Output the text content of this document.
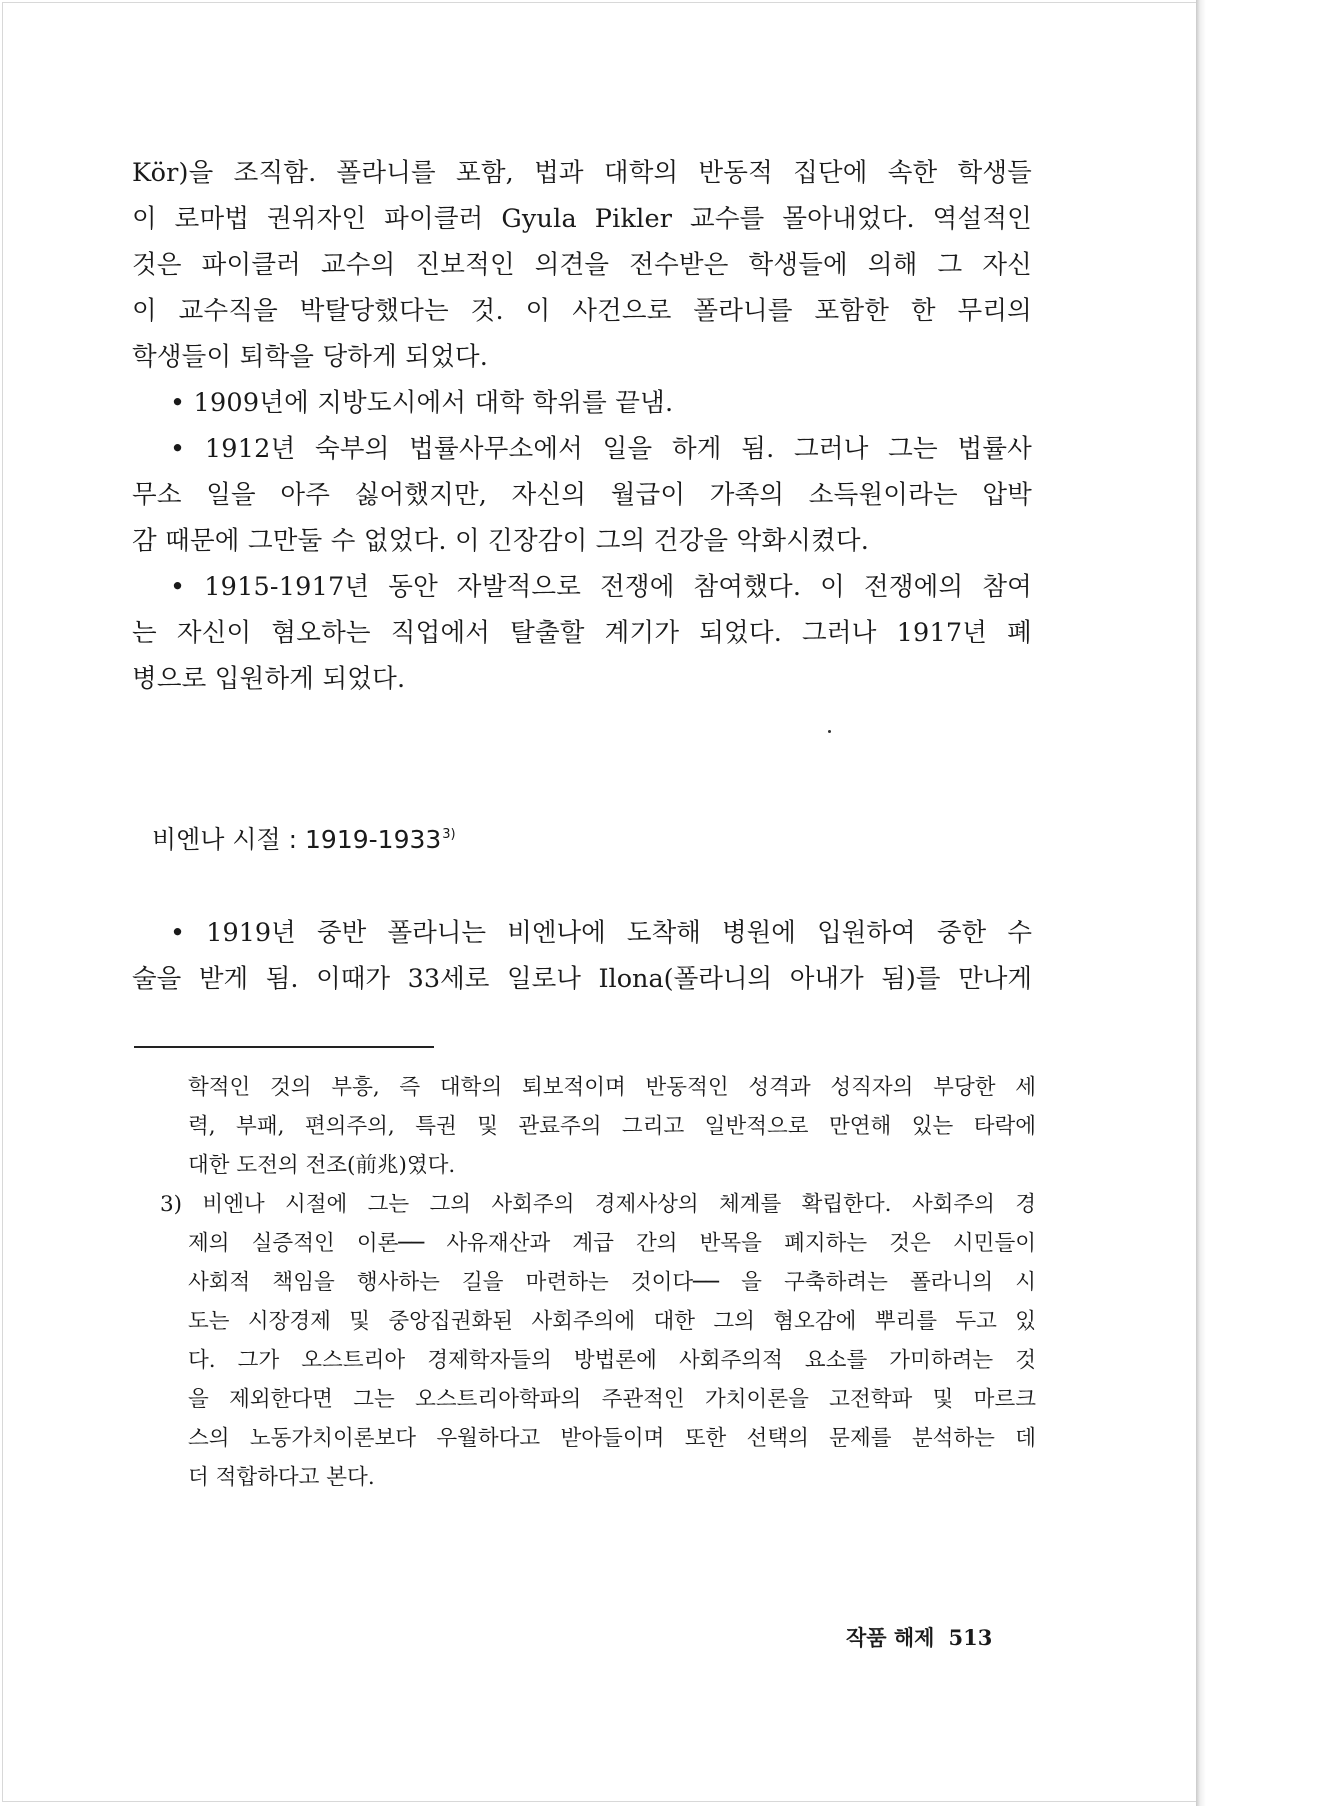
Kör)을 조직함. 폴라니를 포함, 법과 대학의 반동적 집단에 속한 학생들
이 로마법 권위자인 파이클러 Gyula Pikler 교수를 몰아내었다. 역설적인
것은 파이클러 교수의 진보적인 의견을 전수받은 학생들에 의해 그 자신
이 교수직을 박탈당했다는 것. 이 사건으로 폴라니를 포함한 한 무리의
학생들이 퇴학을 당하게 되었다.
• 1909년에 지방도시에서 대학 학위를 끝냄.
• 1912년 숙부의 법률사무소에서 일을 하게 됨. 그러나 그는 법률사
무소 일을 아주 싫어했지만, 자신의 월급이 가족의 소득원이라는 압박
감 때문에 그만둘 수 없었다. 이 긴장감이 그의 건강을 악화시켰다.
• 1915-1917년 동안 자발적으로 전쟁에 참여했다. 이 전쟁에의 참여
는 자신이 혐오하는 직업에서 탈출할 계기가 되었다. 그러나 1917년 폐
병으로 입원하게 되었다.
비엔나 시절 : 1919-1933$^{3)}$
• 1919년 중반 폴라니는 비엔나에 도착해 병원에 입원하여 중한 수
술을 받게 됨. 이때가 33세로 일로나 Ilona(폴라니의 아내가 됨)를 만나게
학적인 것의 부흥, 즉 대학의 퇴보적이며 반동적인 성격과 성직자의 부당한 세
력, 부패, 편의주의, 특권 및 관료주의 그리고 일반적으로 만연해 있는 타락에
대한 도전의 전조(前兆)였다.
3) 비엔나 시절에 그는 그의 사회주의 경제사상의 체계를 확립한다. 사회주의 경
제의 실증적인 이론── 사유재산과 계급 간의 반목을 폐지하는 것은 시민들이
사회적 책임을 행사하는 길을 마련하는 것이다── 을 구축하려는 폴라니의 시
도는 시장경제 및 중앙집권화된 사회주의에 대한 그의 혐오감에 뿌리를 두고 있
다. 그가 오스트리아 경제학자들의 방법론에 사회주의적 요소를 가미하려는 것
을 제외한다면 그는 오스트리아학파의 주관적인 가치이론을 고전학파 및 마르크
스의 노동가치이론보다 우월하다고 받아들이며 또한 선택의 문제를 분석하는 데
더 적합하다고 본다.
작품 해제 513
